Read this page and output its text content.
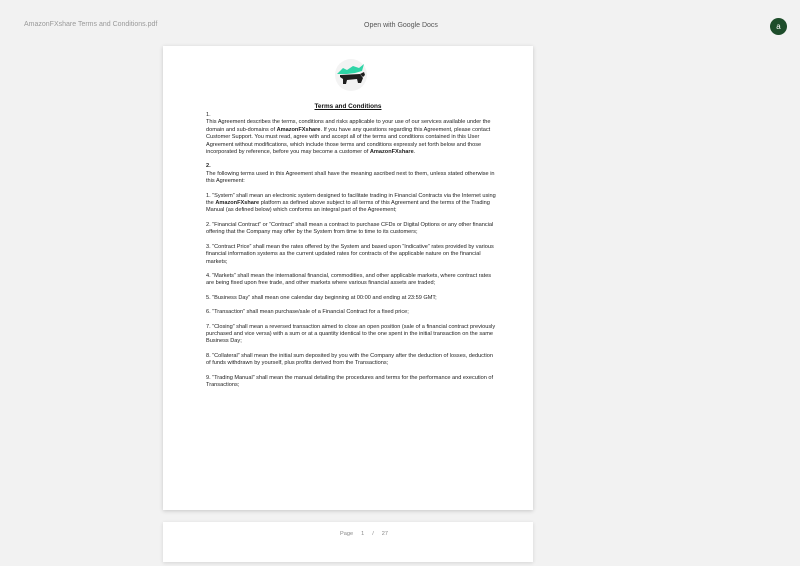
AmazonFXshare Terms and Conditions.pdf	Open with Google Docs	a
Terms and Conditions

1.
This Agreement describes the terms, conditions and risks applicable to your use of our services available under the domain and sub-domains of AmazonFXshare. If you have any questions regarding this Agreement, please contact Customer Support. You must read, agree with and accept all of the terms and conditions contained in this User Agreement without modifications, which include those terms and conditions expressly set forth below and those incorporated by reference, before you may become a customer of AmazonFXshare.

2.
The following terms used in this Agreement shall have the meaning ascribed next to them, unless stated otherwise in this Agreement:

1. “System” shall mean an electronic system designed to facilitate trading in Financial Contracts via the Internet using the AmazonFXshare platform as defined above subject to all terms of this Agreement and the terms of the Trading Manual (as defined below) which conforms an integral part of the Agreement;

2. “Financial Contract” or “Contract” shall mean a contract to purchase CFDs or Digital Options or any other financial offering that the Company may offer by the System from time to time to its customers;

3. “Contract Price” shall mean the rates offered by the System and based upon “Indicative” rates provided by various financial information systems as the current updated rates for contracts of the applicable nature on the financial markets;

4. “Markets” shall mean the international financial, commodities, and other applicable markets, where contract rates are being fixed upon free trade, and other markets where various financial assets are traded;

5. “Business Day” shall mean one calendar day beginning at 00:00 and ending at 23:59 GMT;

6. “Transaction” shall mean purchase/sale of a Financial Contract for a fixed price;

7. “Closing” shall mean a reversed transaction aimed to close an open position (sale of a financial contract previously purchased and vice versa) with a sum or at a quantity identical to the one spent in the initial transaction on the same Business Day;

8. “Collateral” shall mean the initial sum deposited by you with the Company after the deduction of losses, deduction of funds withdrawn by yourself, plus profits derived from the Transactions;

9. “Trading Manual” shall mean the manual detailing the procedures and terms for the performance and execution of Transactions;

Page 1 / 27
